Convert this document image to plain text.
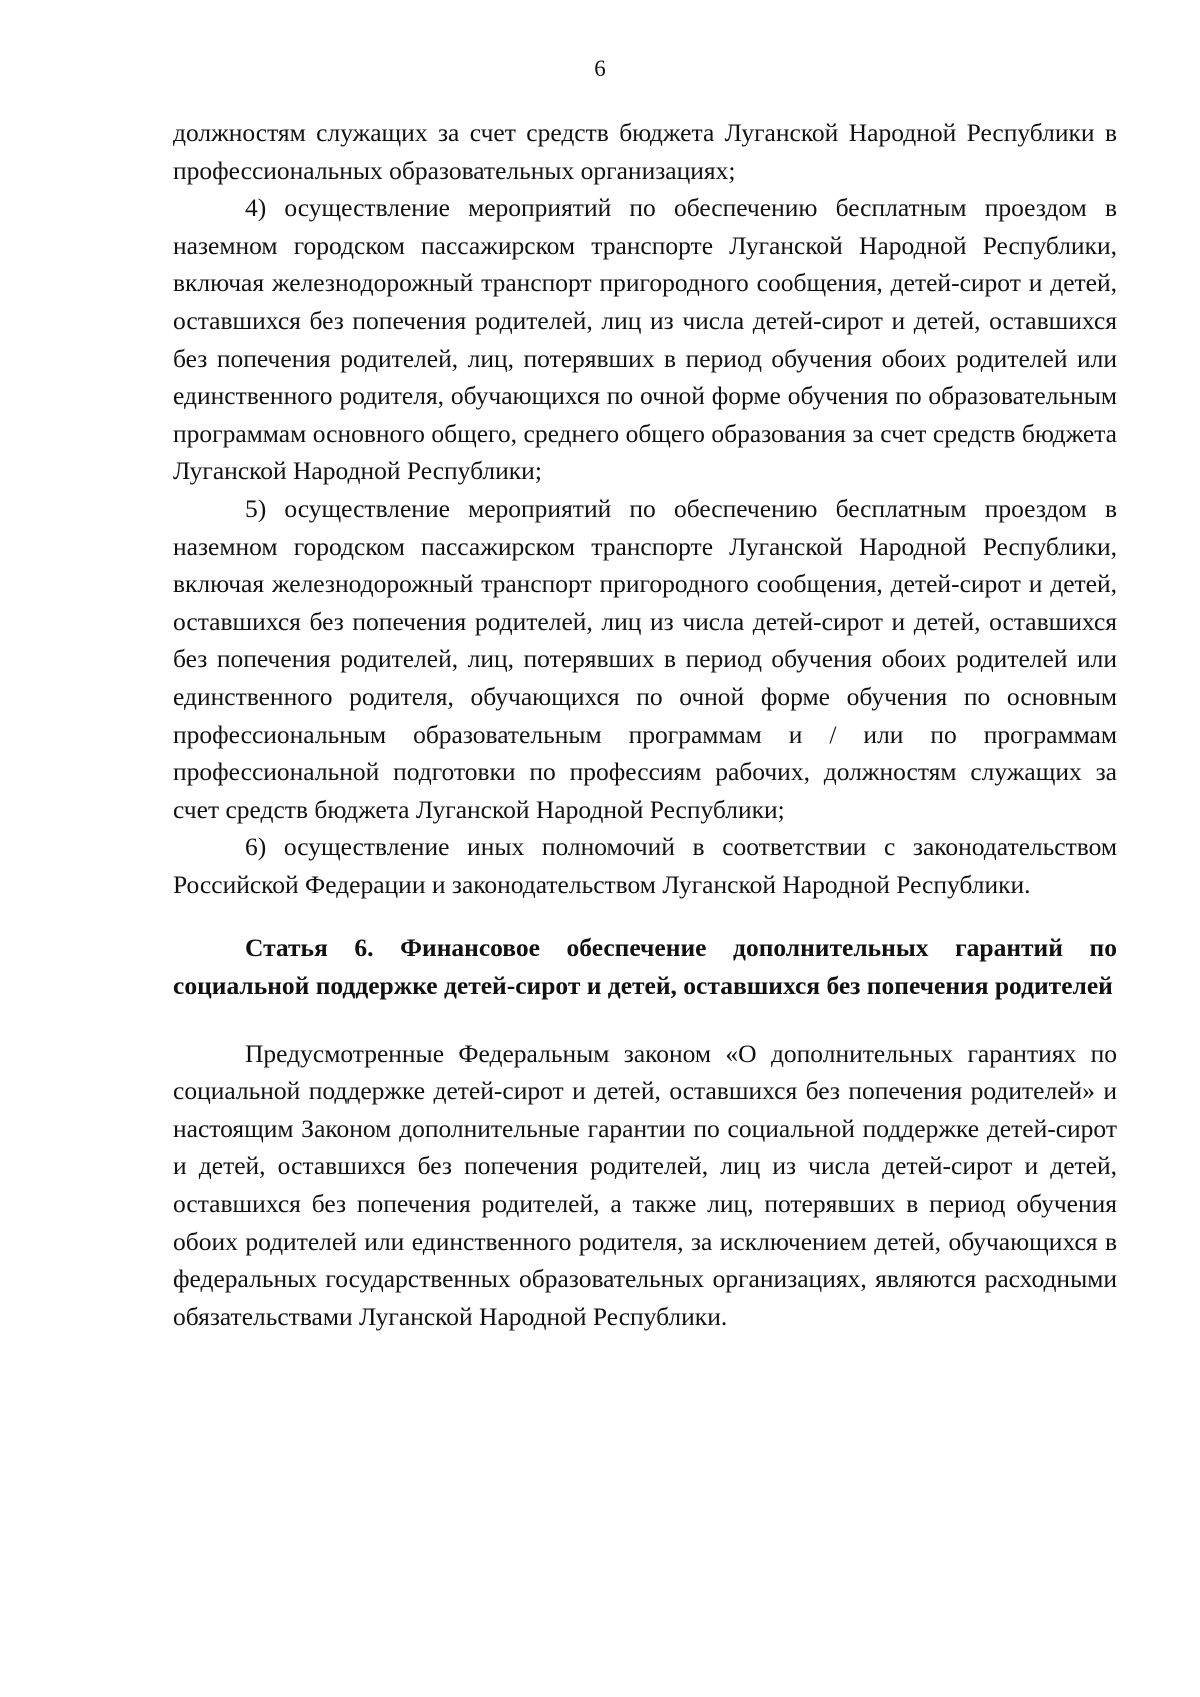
6

должностям служащих за счет средств бюджета Луганской Народной Республики в профессиональных образовательных организациях;

4) осуществление мероприятий по обеспечению бесплатным проездом в наземном городском пассажирском транспорте Луганской Народной Республики, включая железнодорожный транспорт пригородного сообщения, детей-сирот и детей, оставшихся без попечения родителей, лиц из числа детей-сирот и детей, оставшихся без попечения родителей, лиц, потерявших в период обучения обоих родителей или единственного родителя, обучающихся по очной форме обучения по образовательным программам основного общего, среднего общего образования за счет средств бюджета Луганской Народной Республики;

5) осуществление мероприятий по обеспечению бесплатным проездом в наземном городском пассажирском транспорте Луганской Народной Республики, включая железнодорожный транспорт пригородного сообщения, детей-сирот и детей, оставшихся без попечения родителей, лиц из числа детей-сирот и детей, оставшихся без попечения родителей, лиц, потерявших в период обучения обоих родителей или единственного родителя, обучающихся по очной форме обучения по основным профессиональным образовательным программам и / или по программам профессиональной подготовки по профессиям рабочих, должностям служащих за счет средств бюджета Луганской Народной Республики;

6) осуществление иных полномочий в соответствии с законодательством Российской Федерации и законодательством Луганской Народной Республики.

Статья 6. Финансовое обеспечение дополнительных гарантий по социальной поддержке детей-сирот и детей, оставшихся без попечения родителей

Предусмотренные Федеральным законом «О дополнительных гарантиях по социальной поддержке детей-сирот и детей, оставшихся без попечения родителей» и настоящим Законом дополнительные гарантии по социальной поддержке детей-сирот и детей, оставшихся без попечения родителей, лиц из числа детей-сирот и детей, оставшихся без попечения родителей, а также лиц, потерявших в период обучения обоих родителей или единственного родителя, за исключением детей, обучающихся в федеральных государственных образовательных организациях, являются расходными обязательствами Луганской Народной Республики.
